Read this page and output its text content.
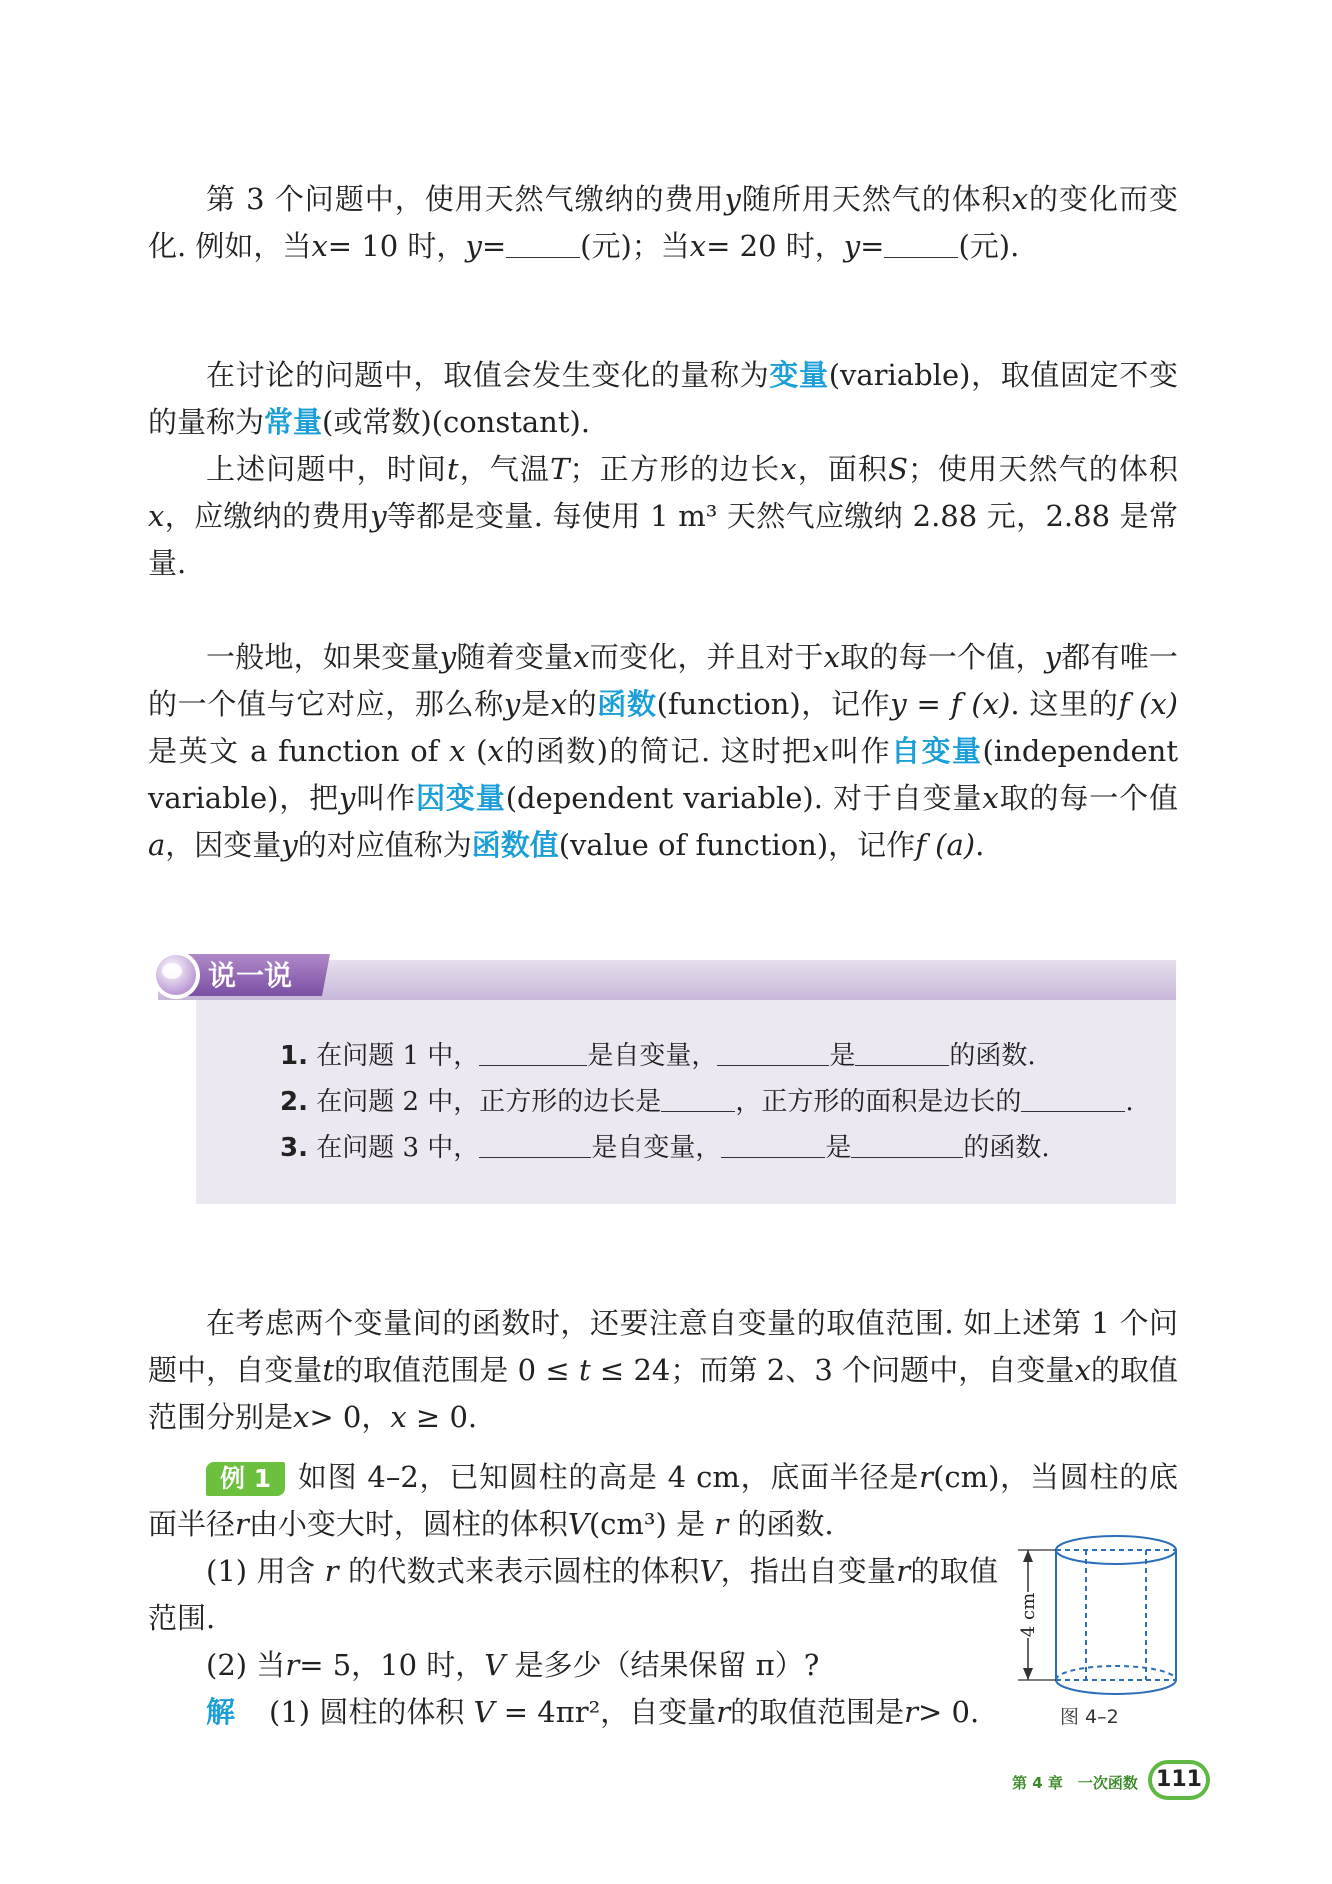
第 3 个问题中，使用天然气缴纳的费用y随所用天然气的体积x的变化而变化. 例如，当x= 10 时，y=	(元)；当x= 20 时，y=	(元).

在讨论的问题中，取值会发生变化的量称为变量(variable)，取值固定不变的量称为常量(或常数)(constant).

上述问题中，时间t，气温T；正方形的边长x，面积S；使用天然气的体积x，应缴纳的费用y等都是变量. 每使用 1 m³ 天然气应缴纳 2.88 元，2.88 是常量.

一般地，如果变量y随着变量x而变化，并且对于x取的每一个值，y都有唯一的一个值与它对应，那么称y是x的函数(function)，记作y = f (x). 这里的f (x)是英文 a function of x (x的函数)的简记. 这时把x叫作自变量(independent variable)，把y叫作因变量(dependent variable). 对于自变量x取的每一个值a，因变量y的对应值称为函数值(value of function)，记作f (a).

说一说

1. 在问题 1 中，	是自变量，	是	的函数.

2. 在问题 2 中，正方形的边长是	，正方形的面积是边长的	.

3. 在问题 3 中，	是自变量，	是	的函数.

在考虑两个变量间的函数时，还要注意自变量的取值范围. 如上述第 1 个问题中，自变量t的取值范围是 0 ≤ t ≤ 24；而第 2、3 个问题中，自变量x的取值范围分别是x> 0，x ≥ 0.

例 1 如图 4–2，已知圆柱的高是 4 cm，底面半径是r(cm)，当圆柱的底面半径r由小变大时，圆柱的体积V(cm³) 是 r 的函数.

(1) 用含 r 的代数式来表示圆柱的体积V，指出自变量r的取值范围.

(2) 当r= 5，10 时，V 是多少（结果保留 π）?

解 (1) 圆柱的体积 V = 4πr²，自变量r的取值范围是r> 0.

4 cm
图 4–2
第 4 章　一次函数 111
